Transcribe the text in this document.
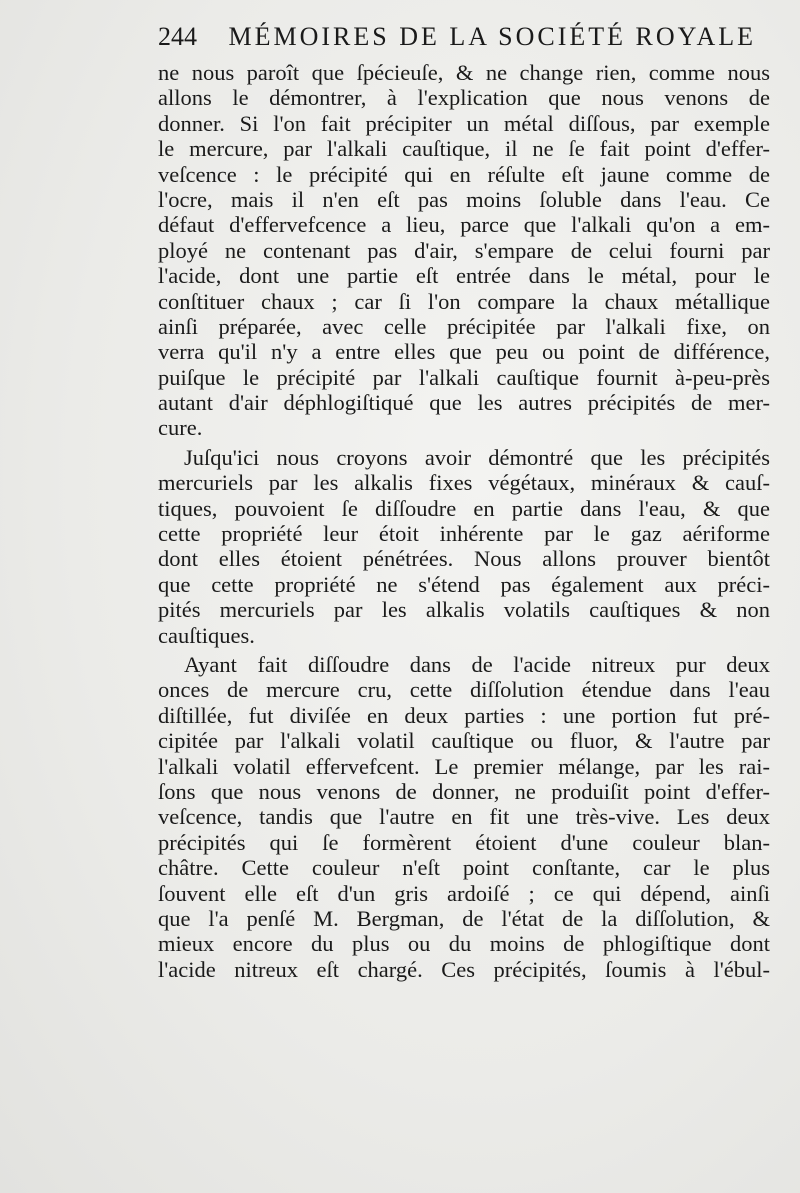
244 MÉMOIRES DE LA SOCIÉTÉ ROYALE
ne nous paroît que ſpécieuſe, & ne change rien, comme nous
allons le démontrer, à l'explication que nous venons de
donner. Si l'on fait précipiter un métal diſſous, par exemple
le mercure, par l'alkali cauſtique, il ne ſe fait point d'effer-
veſcence : le précipité qui en réſulte eſt jaune comme de
l'ocre, mais il n'en eſt pas moins ſoluble dans l'eau. Ce
défaut d'effervefcence a lieu, parce que l'alkali qu'on a em-
ployé ne contenant pas d'air, s'empare de celui fourni par
l'acide, dont une partie eſt entrée dans le métal, pour le
conſtituer chaux ; car ſi l'on compare la chaux métallique
ainſi préparée, avec celle précipitée par l'alkali fixe, on
verra qu'il n'y a entre elles que peu ou point de différence,
puiſque le précipité par l'alkali cauſtique fournit à-peu-près
autant d'air déphlogiſtiqué que les autres précipités de mer-
cure.
Juſqu'ici nous croyons avoir démontré que les précipités
mercuriels par les alkalis fixes végétaux, minéraux & cauſ-
tiques, pouvoient ſe diſſoudre en partie dans l'eau, & que
cette propriété leur étoit inhérente par le gaz aériforme
dont elles étoient pénétrées. Nous allons prouver bientôt
que cette propriété ne s'étend pas également aux préci-
pités mercuriels par les alkalis volatils cauſtiques & non
cauſtiques.
Ayant fait diſſoudre dans de l'acide nitreux pur deux
onces de mercure cru, cette diſſolution étendue dans l'eau
diſtillée, fut diviſée en deux parties : une portion fut pré-
cipitée par l'alkali volatil cauſtique ou fluor, & l'autre par
l'alkali volatil effervefcent. Le premier mélange, par les rai-
ſons que nous venons de donner, ne produiſit point d'effer-
veſcence, tandis que l'autre en fit une très-vive. Les deux
précipités qui ſe formèrent étoient d'une couleur blan-
châtre. Cette couleur n'eſt point conſtante, car le plus
ſouvent elle eſt d'un gris ardoiſé ; ce qui dépend, ainſi
que l'a penſé M. Bergman, de l'état de la diſſolution, &
mieux encore du plus ou du moins de phlogiſtique dont
l'acide nitreux eſt chargé. Ces précipités, ſoumis à l'ébul-
